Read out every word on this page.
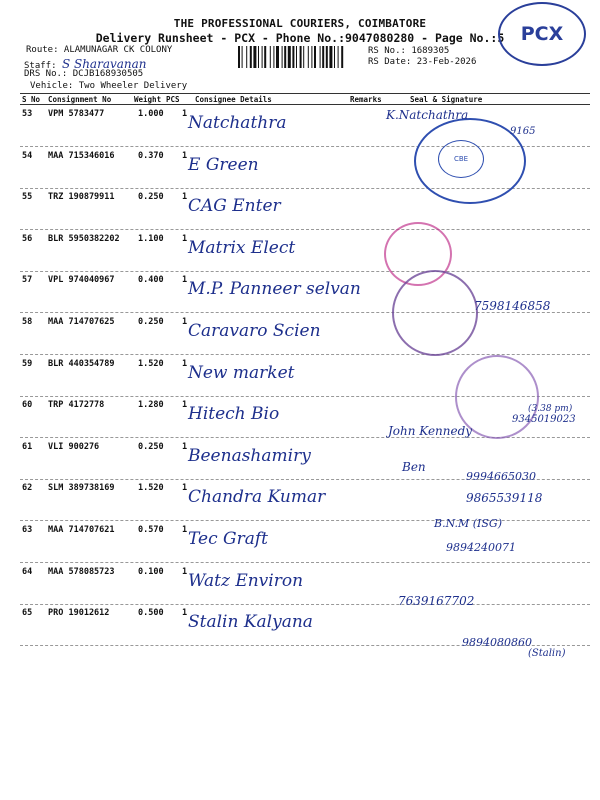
THE PROFESSIONAL COURIERS, COIMBATORE
Delivery Runsheet - PCX - Phone No.:9047080280 - Page No.:5 PCX
Route: ALAMUNAGAR CK COLONY
Staff: S Sharavanan
DRS No.: DCJB168930505
Vehicle: Two Wheeler Delivery
RS No.: 1689305
RS Date: 23-Feb-2026
S No Consignment No	Weight PCS Consignee Details	Remarks	Seal & Signature
53 VPM 5783477	1.000 1 Natchathra
54 MAA 715346016	0.370 1 E Green
55 TRZ 190879911	0.250 1 CAG Enter
56 BLR 5950382202 1.100 1 Matrix Elect
57 VPL 974040967	0.400 1 M.P. Panneer selvan
58 MAA 714707625	0.250 1 Caravaro Scien
59 BLR 440354789	1.520 1 New market
60 TRP 4172778	1.280 1 Hitech Bio
61 VLI 900276	0.250 1 Beenashamiry
62 SLM 389738169	1.520 1 Chandra Kumar
63 MAA 714707621	0.570 1 Tec Graft
64 MAA 578085723	0.100 1 Watz Environ
65 PRO 19012612	0.500 1 Stalin Kalyana
CBE
K.Natchathra
9165
7598146858
John Kennedy
(3.38 pm)
9345019023
Ben
9994665030
9865539118
B.N.M (ISG)
9894240071
7639167702
9894080860
(Stalin)
